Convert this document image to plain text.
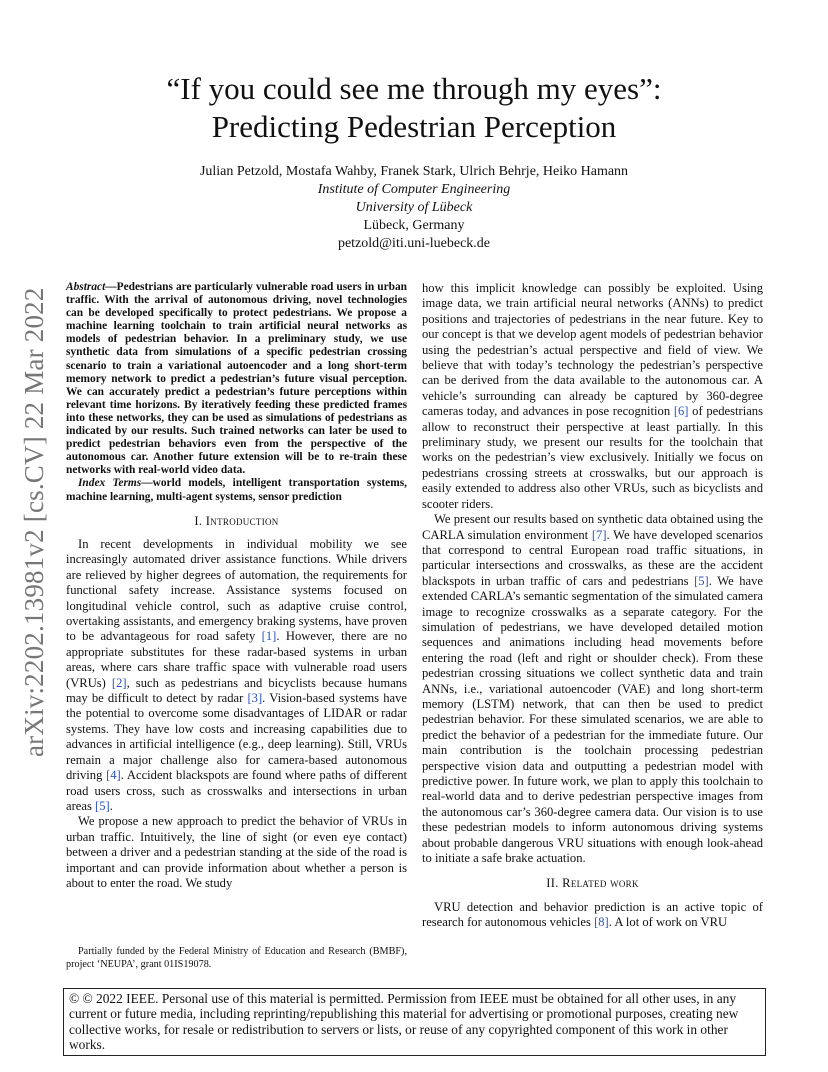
arXiv:2202.13981v2 [cs.CV] 22 Mar 2022
“If you could see me through my eyes”:
Predicting Pedestrian Perception
Julian Petzold, Mostafa Wahby, Franek Stark, Ulrich Behrje, Heiko Hamann
Institute of Computer Engineering
University of Lübeck
Lübeck, Germany
petzold@iti.uni-luebeck.de

Abstract—Pedestrians are particularly vulnerable road users in urban traffic. With the arrival of autonomous driving, novel technologies can be developed specifically to protect pedestrians. We propose a machine learning toolchain to train artificial neural networks as models of pedestrian behavior. In a preliminary study, we use synthetic data from simulations of a specific pedestrian crossing scenario to train a variational autoencoder and a long short-term memory network to predict a pedestrian’s future visual perception. We can accurately predict a pedestrian’s future perceptions within relevant time horizons. By iteratively feeding these predicted frames into these networks, they can be used as simulations of pedestrians as indicated by our results. Such trained networks can later be used to predict pedestrian behaviors even from the perspective of the autonomous car. Another future extension will be to re-train these networks with real-world video data.

Index Terms—world models, intelligent transportation systems, machine learning, multi-agent systems, sensor prediction

I. Introduction

In recent developments in individual mobility we see increasingly automated driver assistance functions. While drivers are relieved by higher degrees of automation, the requirements for functional safety increase. Assistance systems focused on longitudinal vehicle control, such as adaptive cruise control, overtaking assistants, and emergency braking systems, have proven to be advantageous for road safety [1]. However, there are no appropriate substitutes for these radar-based systems in urban areas, where cars share traffic space with vulnerable road users (VRUs) [2], such as pedestrians and bicyclists because humans may be difficult to detect by radar [3]. Vision-based systems have the potential to overcome some disadvantages of LIDAR or radar systems. They have low costs and increasing capabilities due to advances in artificial intelligence (e.g., deep learning). Still, VRUs remain a major challenge also for camera-based autonomous driving [4]. Accident blackspots are found where paths of different road users cross, such as crosswalks and intersections in urban areas [5].

We propose a new approach to predict the behavior of VRUs in urban traffic. Intuitively, the line of sight (or even eye contact) between a driver and a pedestrian standing at the side of the road is important and can provide information about whether a person is about to enter the road. We study

Partially funded by the Federal Ministry of Education and Research (BMBF), project ‘NEUPA’, grant 01IS19078.

how this implicit knowledge can possibly be exploited. Using image data, we train artificial neural networks (ANNs) to predict positions and trajectories of pedestrians in the near future. Key to our concept is that we develop agent models of pedestrian behavior using the pedestrian’s actual perspective and field of view. We believe that with today’s technology the pedestrian’s perspective can be derived from the data available to the autonomous car. A vehicle’s surrounding can already be captured by 360-degree cameras today, and advances in pose recognition [6] of pedestrians allow to reconstruct their perspective at least partially. In this preliminary study, we present our results for the toolchain that works on the pedestrian’s view exclusively. Initially we focus on pedestrians crossing streets at crosswalks, but our approach is easily extended to address also other VRUs, such as bicyclists and scooter riders.

We present our results based on synthetic data obtained using the CARLA simulation environment [7]. We have developed scenarios that correspond to central European road traffic situations, in particular intersections and crosswalks, as these are the accident blackspots in urban traffic of cars and pedestrians [5]. We have extended CARLA’s semantic segmentation of the simulated camera image to recognize crosswalks as a separate category. For the simulation of pedestrians, we have developed detailed motion sequences and animations including head movements before entering the road (left and right or shoulder check). From these pedestrian crossing situations we collect synthetic data and train ANNs, i.e., variational autoencoder (VAE) and long short-term memory (LSTM) network, that can then be used to predict pedestrian behavior. For these simulated scenarios, we are able to predict the behavior of a pedestrian for the immediate future. Our main contribution is the toolchain processing pedestrian perspective vision data and outputting a pedestrian model with predictive power. In future work, we plan to apply this toolchain to real-world data and to derive pedestrian perspective images from the autonomous car’s 360-degree camera data. Our vision is to use these pedestrian models to inform autonomous driving systems about probable dangerous VRU situations with enough look-ahead to initiate a safe brake actuation.

II. Related work

VRU detection and behavior prediction is an active topic of research for autonomous vehicles [8]. A lot of work on VRU

© © 2022 IEEE. Personal use of this material is permitted. Permission from IEEE must be obtained for all other uses, in any current or future media, including reprinting/republishing this material for advertising or promotional purposes, creating new collective works, for resale or redistribution to servers or lists, or reuse of any copyrighted component of this work in other works.
